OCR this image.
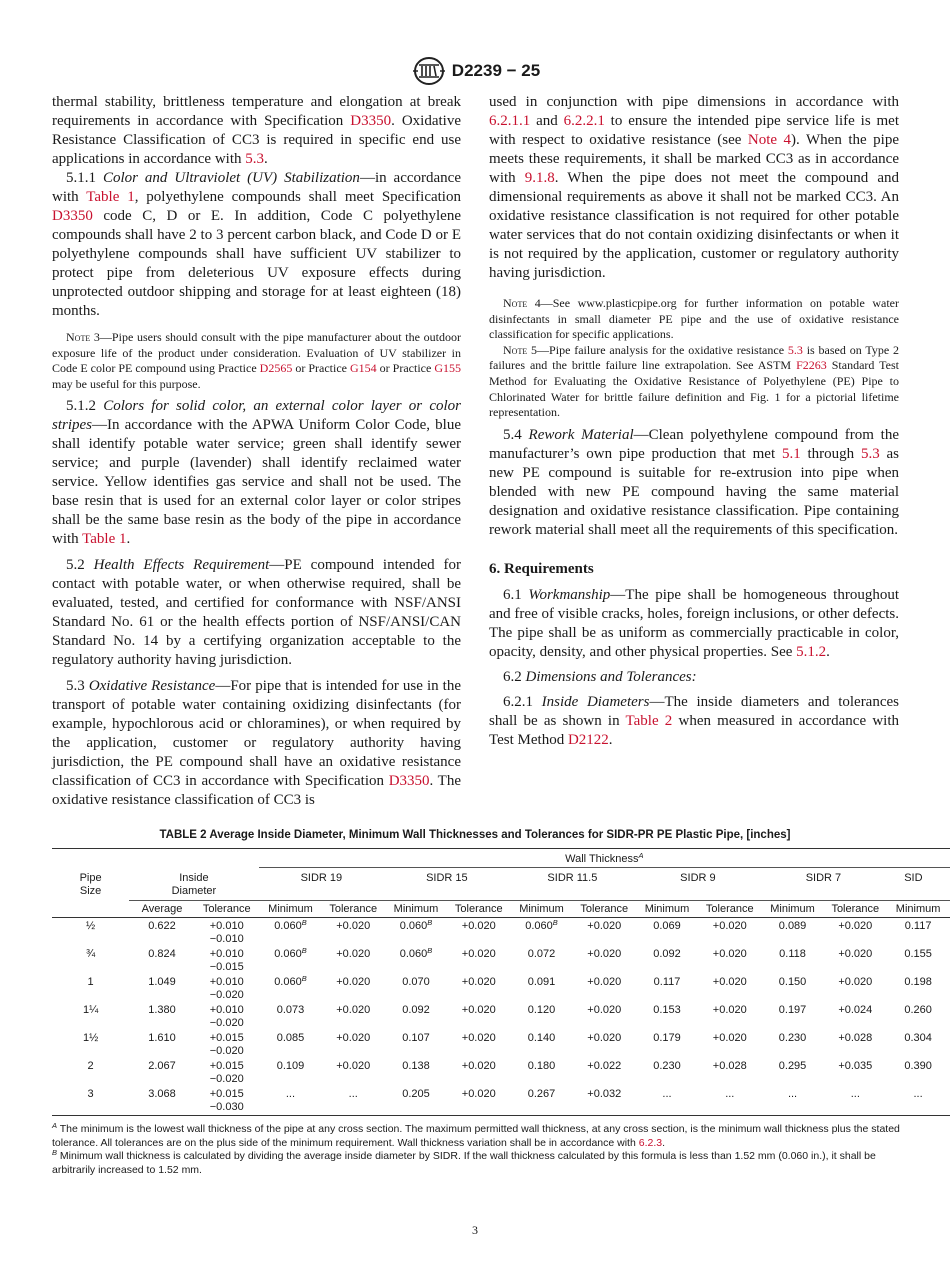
D2239 − 25

thermal stability, brittleness temperature and elongation at break requirements in accordance with Specification D3350. Oxidative Resistance Classification of CC3 is required in specific end use applications in accordance with 5.3.

5.1.1 Color and Ultraviolet (UV) Stabilization—in accordance with Table 1, polyethylene compounds shall meet Specification D3350 code C, D or E. In addition, Code C polyethylene compounds shall have 2 to 3 percent carbon black, and Code D or E polyethylene compounds shall have sufficient UV stabilizer to protect pipe from deleterious UV exposure effects during unprotected outdoor shipping and storage for at least eighteen (18) months.

Note 3—Pipe users should consult with the pipe manufacturer about the outdoor exposure life of the product under consideration. Evaluation of UV stabilizer in Code E color PE compound using Practice D2565 or Practice G154 or Practice G155 may be useful for this purpose.

5.1.2 Colors for solid color, an external color layer or color stripes—In accordance with the APWA Uniform Color Code, blue shall identify potable water service; green shall identify sewer service; and purple (lavender) shall identify reclaimed water service. Yellow identifies gas service and shall not be used. The base resin that is used for an external color layer or color stripes shall be the same base resin as the body of the pipe in accordance with Table 1.

5.2 Health Effects Requirement—PE compound intended for contact with potable water, or when otherwise required, shall be evaluated, tested, and certified for conformance with NSF/ANSI Standard No. 61 or the health effects portion of NSF/ANSI/CAN Standard No. 14 by a certifying organization acceptable to the regulatory authority having jurisdiction.

5.3 Oxidative Resistance—For pipe that is intended for use in the transport of potable water containing oxidizing disinfectants (for example, hypochlorous acid or chloramines), or when required by the application, customer or regulatory authority having jurisdiction, the PE compound shall have an oxidative resistance classification of CC3 in accordance with Specification D3350. The oxidative resistance classification of CC3 is

used in conjunction with pipe dimensions in accordance with 6.2.1.1 and 6.2.2.1 to ensure the intended pipe service life is met with respect to oxidative resistance (see Note 4). When the pipe meets these requirements, it shall be marked CC3 as in accordance with 9.1.8. When the pipe does not meet the compound and dimensional requirements as above it shall not be marked CC3. An oxidative resistance classification is not required for other potable water services that do not contain oxidizing disinfectants or when it is not required by the application, customer or regulatory authority having jurisdiction.

Note 4—See www.plasticpipe.org for further information on potable water disinfectants in small diameter PE pipe and the use of oxidative resistance classification for specific applications.

Note 5—Pipe failure analysis for the oxidative resistance 5.3 is based on Type 2 failures and the brittle failure line extrapolation. See ASTM F2263 Standard Test Method for Evaluating the Oxidative Resistance of Polyethylene (PE) Pipe to Chlorinated Water for brittle failure definition and Fig. 1 for a pictorial lifetime representation.

5.4 Rework Material—Clean polyethylene compound from the manufacturer’s own pipe production that met 5.1 through 5.3 as new PE compound is suitable for re-extrusion into pipe when blended with new PE compound having the same material designation and oxidative resistance classification. Pipe containing rework material shall meet all the requirements of this specification.

6. Requirements

6.1 Workmanship—The pipe shall be homogeneous throughout and free of visible cracks, holes, foreign inclusions, or other defects. The pipe shall be as uniform as commercially practicable in color, opacity, density, and other physical properties. See 5.1.2.

6.2 Dimensions and Tolerances:

6.2.1 Inside Diameters—The inside diameters and tolerances shall be as shown in Table 2 when measured in accordance with Test Method D2122.

TABLE 2 Average Inside Diameter, Minimum Wall Thicknesses and Tolerances for SIDR-PR PE Plastic Pipe, [inches]
			Wall Thickness$^A$
Pipe
Size	Inside
Diameter		SIDR 19		SIDR 15		SIDR 11.5		SIDR 9		SIDR 7		SID
	Average	Tolerance	Minimum	Tolerance	Minimum	Tolerance	Minimum	Tolerance	Minimum	Tolerance	Minimum	Tolerance	Minimum
½	0.622	+0.010
−0.010	$0.060^B$	+0.020	$0.060^B$	+0.020	$0.060^B$	+0.020	0.069	+0.020	0.089	+0.020	0.117
¾	0.824	+0.010
−0.015	$0.060^B$	+0.020	$0.060^B$	+0.020	0.072	+0.020	0.092	+0.020	0.118	+0.020	0.155
1	1.049	+0.010
−0.020	$0.060^B$	+0.020	0.070	+0.020	0.091	+0.020	0.117	+0.020	0.150	+0.020	0.198
1¼	1.380	+0.010
−0.020	0.073	+0.020	0.092	+0.020	0.120	+0.020	0.153	+0.020	0.197	+0.024	0.260
1½	1.610	+0.015
−0.020	0.085	+0.020	0.107	+0.020	0.140	+0.020	0.179	+0.020	0.230	+0.028	0.304
2	2.067	+0.015
−0.020	0.109	+0.020	0.138	+0.020	0.180	+0.022	0.230	+0.028	0.295	+0.035	0.390
3	3.068	+0.015
−0.030	...	...	0.205	+0.020	0.267	+0.032	...	...	...	...	...

$^A$ The minimum is the lowest wall thickness of the pipe at any cross section. The maximum permitted wall thickness, at any cross section, is the minimum wall thickness plus the stated tolerance. All tolerances are on the plus side of the minimum requirement. Wall thickness variation shall be in accordance with 6.2.3.

$^B$ Minimum wall thickness is calculated by dividing the average inside diameter by SIDR. If the wall thickness calculated by this formula is less than 1.52 mm (0.060 in.), it shall be arbitrarily increased to 1.52 mm.

3
